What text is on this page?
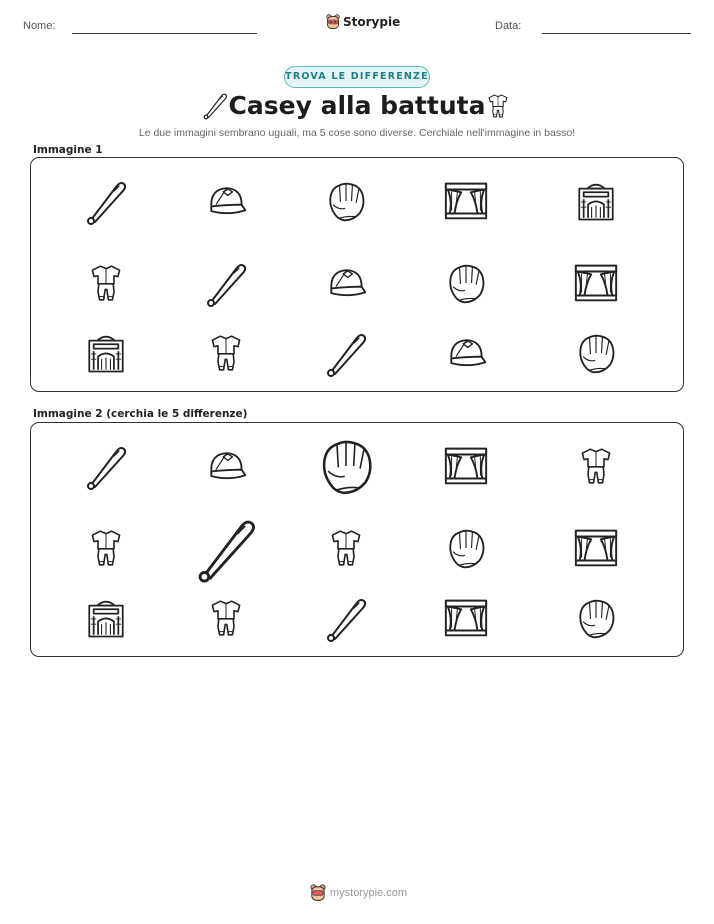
Nome:	Storypie	Data:
TROVA LE DIFFERENZE
Casey alla battuta
Le due immagini sembrano uguali, ma 5 cose sono diverse. Cerchiale nell'immagine in basso!
Immagine 1
Immagine 2 (cerchia le 5 differenze)
mystorypie.com
